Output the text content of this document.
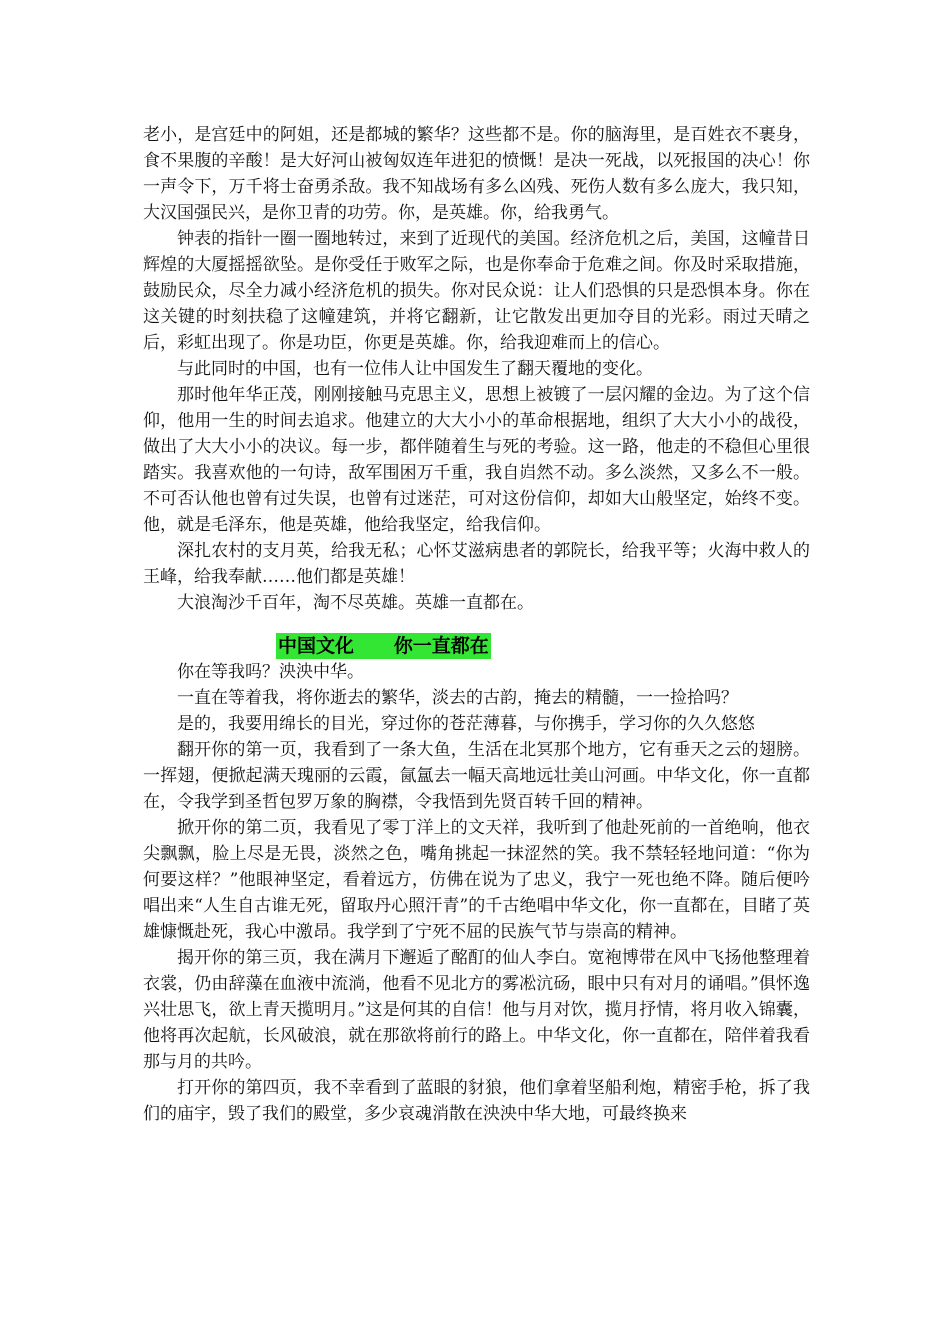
老小，是宫廷中的阿姐，还是都城的繁华？这些都不是。你的脑海里，是百姓衣不裹身，食不果腹的辛酸！是大好河山被匈奴连年进犯的愤慨！是决一死战，以死报国的决心！你一声令下，万千将士奋勇杀敌。我不知战场有多么凶残、死伤人数有多么庞大，我只知，大汉国强民兴，是你卫青的功劳。你，是英雄。你，给我勇气。

钟表的指针一圈一圈地转过，来到了近现代的美国。经济危机之后，美国，这幢昔日辉煌的大厦摇摇欲坠。是你受任于败军之际，也是你奉命于危难之间。你及时采取措施，鼓励民众，尽全力减小经济危机的损失。你对民众说：让人们恐惧的只是恐惧本身。你在这关键的时刻扶稳了这幢建筑，并将它翻新，让它散发出更加夺目的光彩。雨过天晴之后，彩虹出现了。你是功臣，你更是英雄。你，给我迎难而上的信心。

与此同时的中国，也有一位伟人让中国发生了翻天覆地的变化。

那时他年华正茂，刚刚接触马克思主义，思想上被镀了一层闪耀的金边。为了这个信仰，他用一生的时间去追求。他建立的大大小小的革命根据地，组织了大大小小的战役，做出了大大小小的决议。每一步，都伴随着生与死的考验。这一路，他走的不稳但心里很踏实。我喜欢他的一句诗，敌军围困万千重，我自岿然不动。多么淡然，又多么不一般。不可否认他也曾有过失误，也曾有过迷茫，可对这份信仰，却如大山般坚定，始终不变。他，就是毛泽东，他是英雄，他给我坚定，给我信仰。

深扎农村的支月英，给我无私；心怀艾滋病患者的郭院长，给我平等；火海中救人的王峰，给我奉献……他们都是英雄！

大浪淘沙千百年，淘不尽英雄。英雄一直都在。

中国文化      你一直都在

你在等我吗？泱泱中华。

一直在等着我，将你逝去的繁华，淡去的古韵，掩去的精髓，一一捡拾吗？

是的，我要用绵长的目光，穿过你的苍茫薄暮，与你携手，学习你的久久悠悠

翻开你的第一页，我看到了一条大鱼，生活在北冥那个地方，它有垂天之云的翅膀。一挥翅，便掀起满天瑰丽的云霞，氤氲去一幅天高地远壮美山河画。中华文化，你一直都在，令我学到圣哲包罗万象的胸襟，令我悟到先贤百转千回的精神。

掀开你的第二页，我看见了零丁洋上的文天祥，我听到了他赴死前的一首绝响，他衣尖飘飘，脸上尽是无畏，淡然之色，嘴角挑起一抹涩然的笑。我不禁轻轻地问道：“你为何要这样？”他眼神坚定，看着远方，仿佛在说为了忠义，我宁一死也绝不降。随后便吟唱出来“人生自古谁无死，留取丹心照汗青”的千古绝唱中华文化，你一直都在，目睹了英雄慷慨赴死，我心中激昂。我学到了宁死不屈的民族气节与崇高的精神。

揭开你的第三页，我在满月下邂逅了酩酊的仙人李白。宽袍博带在风中飞扬他整理着衣裳，仍由辞藻在血液中流淌，他看不见北方的雾凇沆砀，眼中只有对月的诵唱。”俱怀逸兴壮思飞，欲上青天揽明月。”这是何其的自信！他与月对饮，揽月抒情，将月收入锦囊，他将再次起航，长风破浪，就在那欲将前行的路上。中华文化，你一直都在，陪伴着我看那与月的共吟。

打开你的第四页，我不幸看到了蓝眼的豺狼，他们拿着坚船利炮，精密手枪，拆了我们的庙宇，毁了我们的殿堂，多少哀魂消散在泱泱中华大地，可最终换来
